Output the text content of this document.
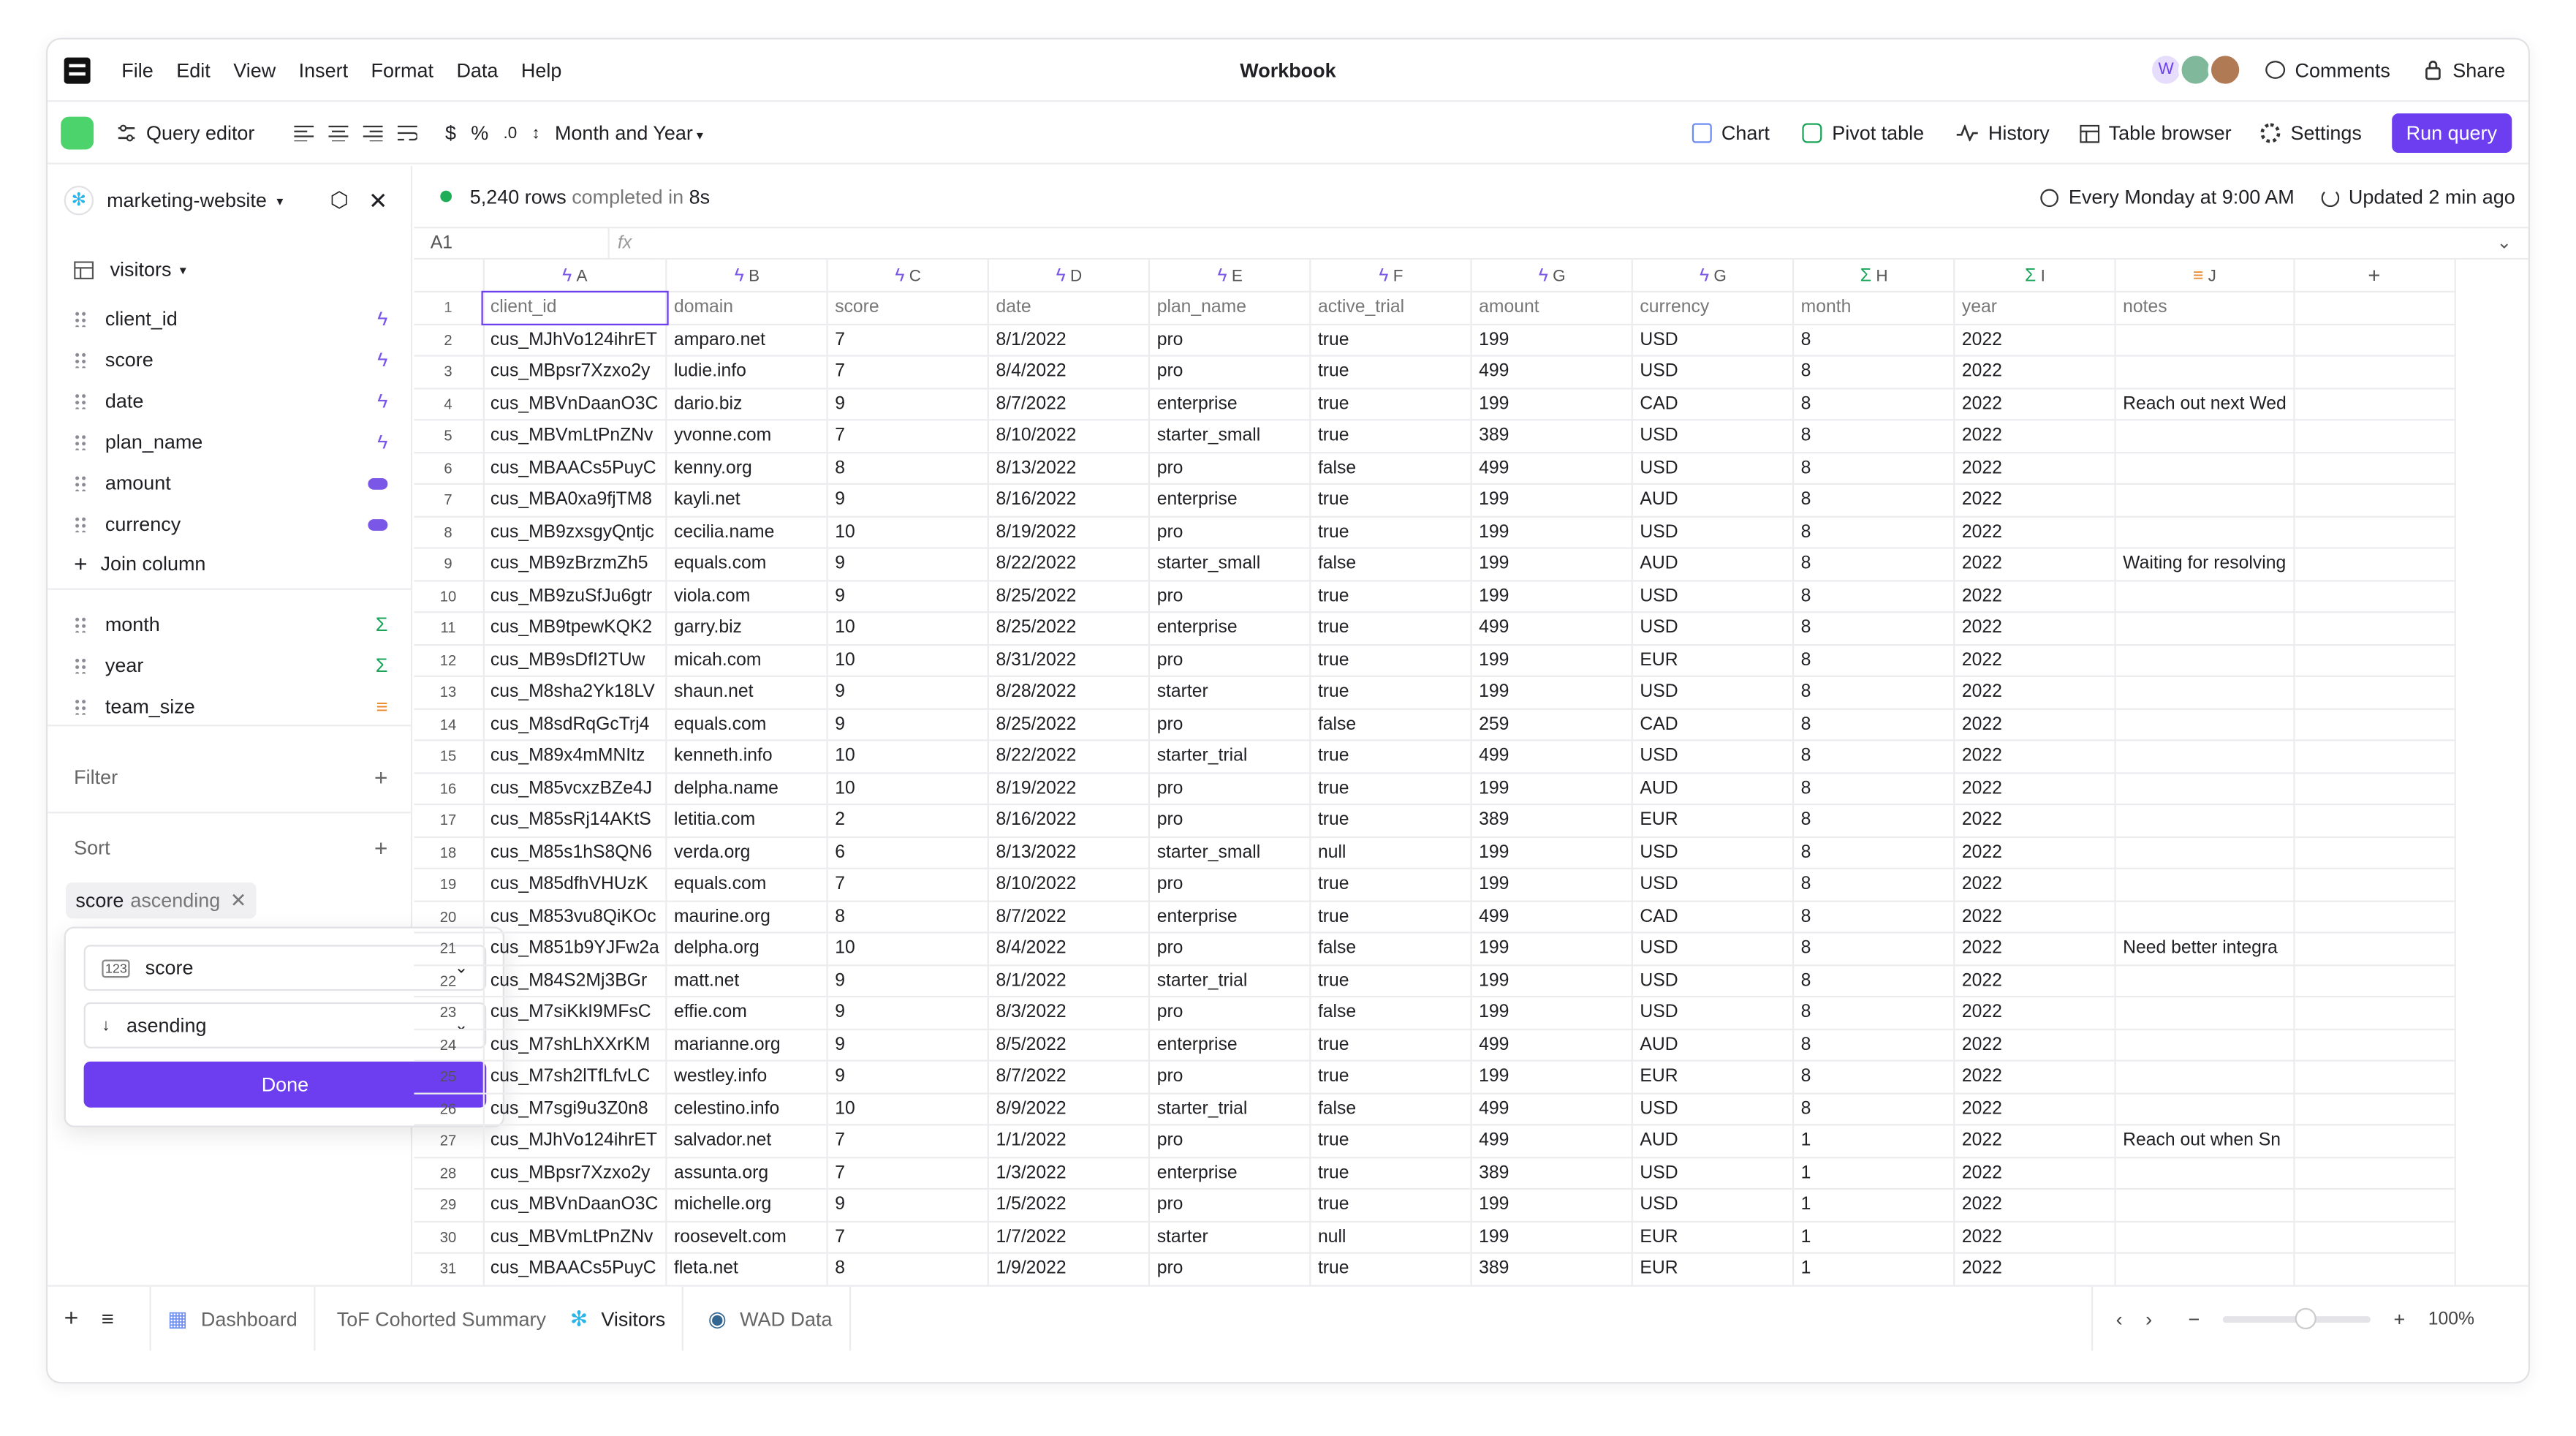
File	Edit	View	Insert	Format	Data	Help	Workbook	W	Comments	Share
Query editor	$ % .0 ↕ Month and Year ▾	Chart	Pivot table	History	Table browser	Settings	Run query
✻	marketing-website ▾	⬡ ✕
visitors ▾
client_id	ϟ
score	ϟ
date	ϟ
plan_name	ϟ
amount
currency
+ Join column
month	Σ
year	Σ
team_size	≡
Filter	+
Sort	+
score ascending ✕
123	score	⌄
↓ asending	⌄
Done
5,240 rows completed in 8s	Every Monday at 9:00 AM	Updated 2 min ago
A1	fx	⌄
	ϟ A	ϟ B	ϟ C	ϟ D	ϟ E	ϟ F	ϟ G	ϟ G	Σ H	Σ I	≡ J	+
1	client_id	domain	score	date	plan_name	active_trial	amount	currency	month	year	notes	
2	cus_MJhVo124ihrET	amparo.net	7	8/1/2022	pro	true	199	USD	8	2022		
3	cus_MBpsr7Xzxo2y	ludie.info	7	8/4/2022	pro	true	499	USD	8	2022		
4	cus_MBVnDaanO3C	dario.biz	9	8/7/2022	enterprise	true	199	CAD	8	2022	Reach out next Wed	
5	cus_MBVmLtPnZNv	yvonne.com	7	8/10/2022	starter_small	true	389	USD	8	2022		
6	cus_MBAACs5PuyC	kenny.org	8	8/13/2022	pro	false	499	USD	8	2022		
7	cus_MBA0xa9fjTM8	kayli.net	9	8/16/2022	enterprise	true	199	AUD	8	2022		
8	cus_MB9zxsgyQntjc	cecilia.name	10	8/19/2022	pro	true	199	USD	8	2022		
9	cus_MB9zBrzmZh5	equals.com	9	8/22/2022	starter_small	false	199	AUD	8	2022	Waiting for resolving	
10	cus_MB9zuSfJu6gtr	viola.com	9	8/25/2022	pro	true	199	USD	8	2022		
11	cus_MB9tpewKQK2	garry.biz	10	8/25/2022	enterprise	true	499	USD	8	2022		
12	cus_MB9sDfI2TUw	micah.com	10	8/31/2022	pro	true	199	EUR	8	2022		
13	cus_M8sha2Yk18LV	shaun.net	9	8/28/2022	starter	true	199	USD	8	2022		
14	cus_M8sdRqGcTrj4	equals.com	9	8/25/2022	pro	false	259	CAD	8	2022		
15	cus_M89x4mMNItz	kenneth.info	10	8/22/2022	starter_trial	true	499	USD	8	2022		
16	cus_M85vcxzBZe4J	delpha.name	10	8/19/2022	pro	true	199	AUD	8	2022		
17	cus_M85sRj14AKtS	letitia.com	2	8/16/2022	pro	true	389	EUR	8	2022		
18	cus_M85s1hS8QN6	verda.org	6	8/13/2022	starter_small	null	199	USD	8	2022		
19	cus_M85dfhVHUzK	equals.com	7	8/10/2022	pro	true	199	USD	8	2022		
20	cus_M853vu8QiKOc	maurine.org	8	8/7/2022	enterprise	true	499	CAD	8	2022		
21	cus_M851b9YJFw2a	delpha.org	10	8/4/2022	pro	false	199	USD	8	2022	Need better integra	
22	cus_M84S2Mj3BGr	matt.net	9	8/1/2022	starter_trial	true	199	USD	8	2022		
23	cus_M7siKkI9MFsC	effie.com	9	8/3/2022	pro	false	199	USD	8	2022		
24	cus_M7shLhXXrKM	marianne.org	9	8/5/2022	enterprise	true	499	AUD	8	2022		
25	cus_M7sh2lTfLfvLC	westley.info	9	8/7/2022	pro	true	199	EUR	8	2022		
26	cus_M7sgi9u3Z0n8	celestino.info	10	8/9/2022	starter_trial	false	499	USD	8	2022		
27	cus_MJhVo124ihrET	salvador.net	7	1/1/2022	pro	true	499	AUD	1	2022	Reach out when Sn	
28	cus_MBpsr7Xzxo2y	assunta.org	7	1/3/2022	enterprise	true	389	USD	1	2022		
29	cus_MBVnDaanO3C	michelle.org	9	1/5/2022	pro	true	199	USD	1	2022		
30	cus_MBVmLtPnZNv	roosevelt.com	7	1/7/2022	starter	null	199	EUR	1	2022		
31	cus_MBAACs5PuyC	fleta.net	8	1/9/2022	pro	true	389	EUR	1	2022		
+ ≡	▦ Dashboard	ToF Cohorted Summary	✻ Visitors	◉ WAD Data	‹	›	−	+	100%
